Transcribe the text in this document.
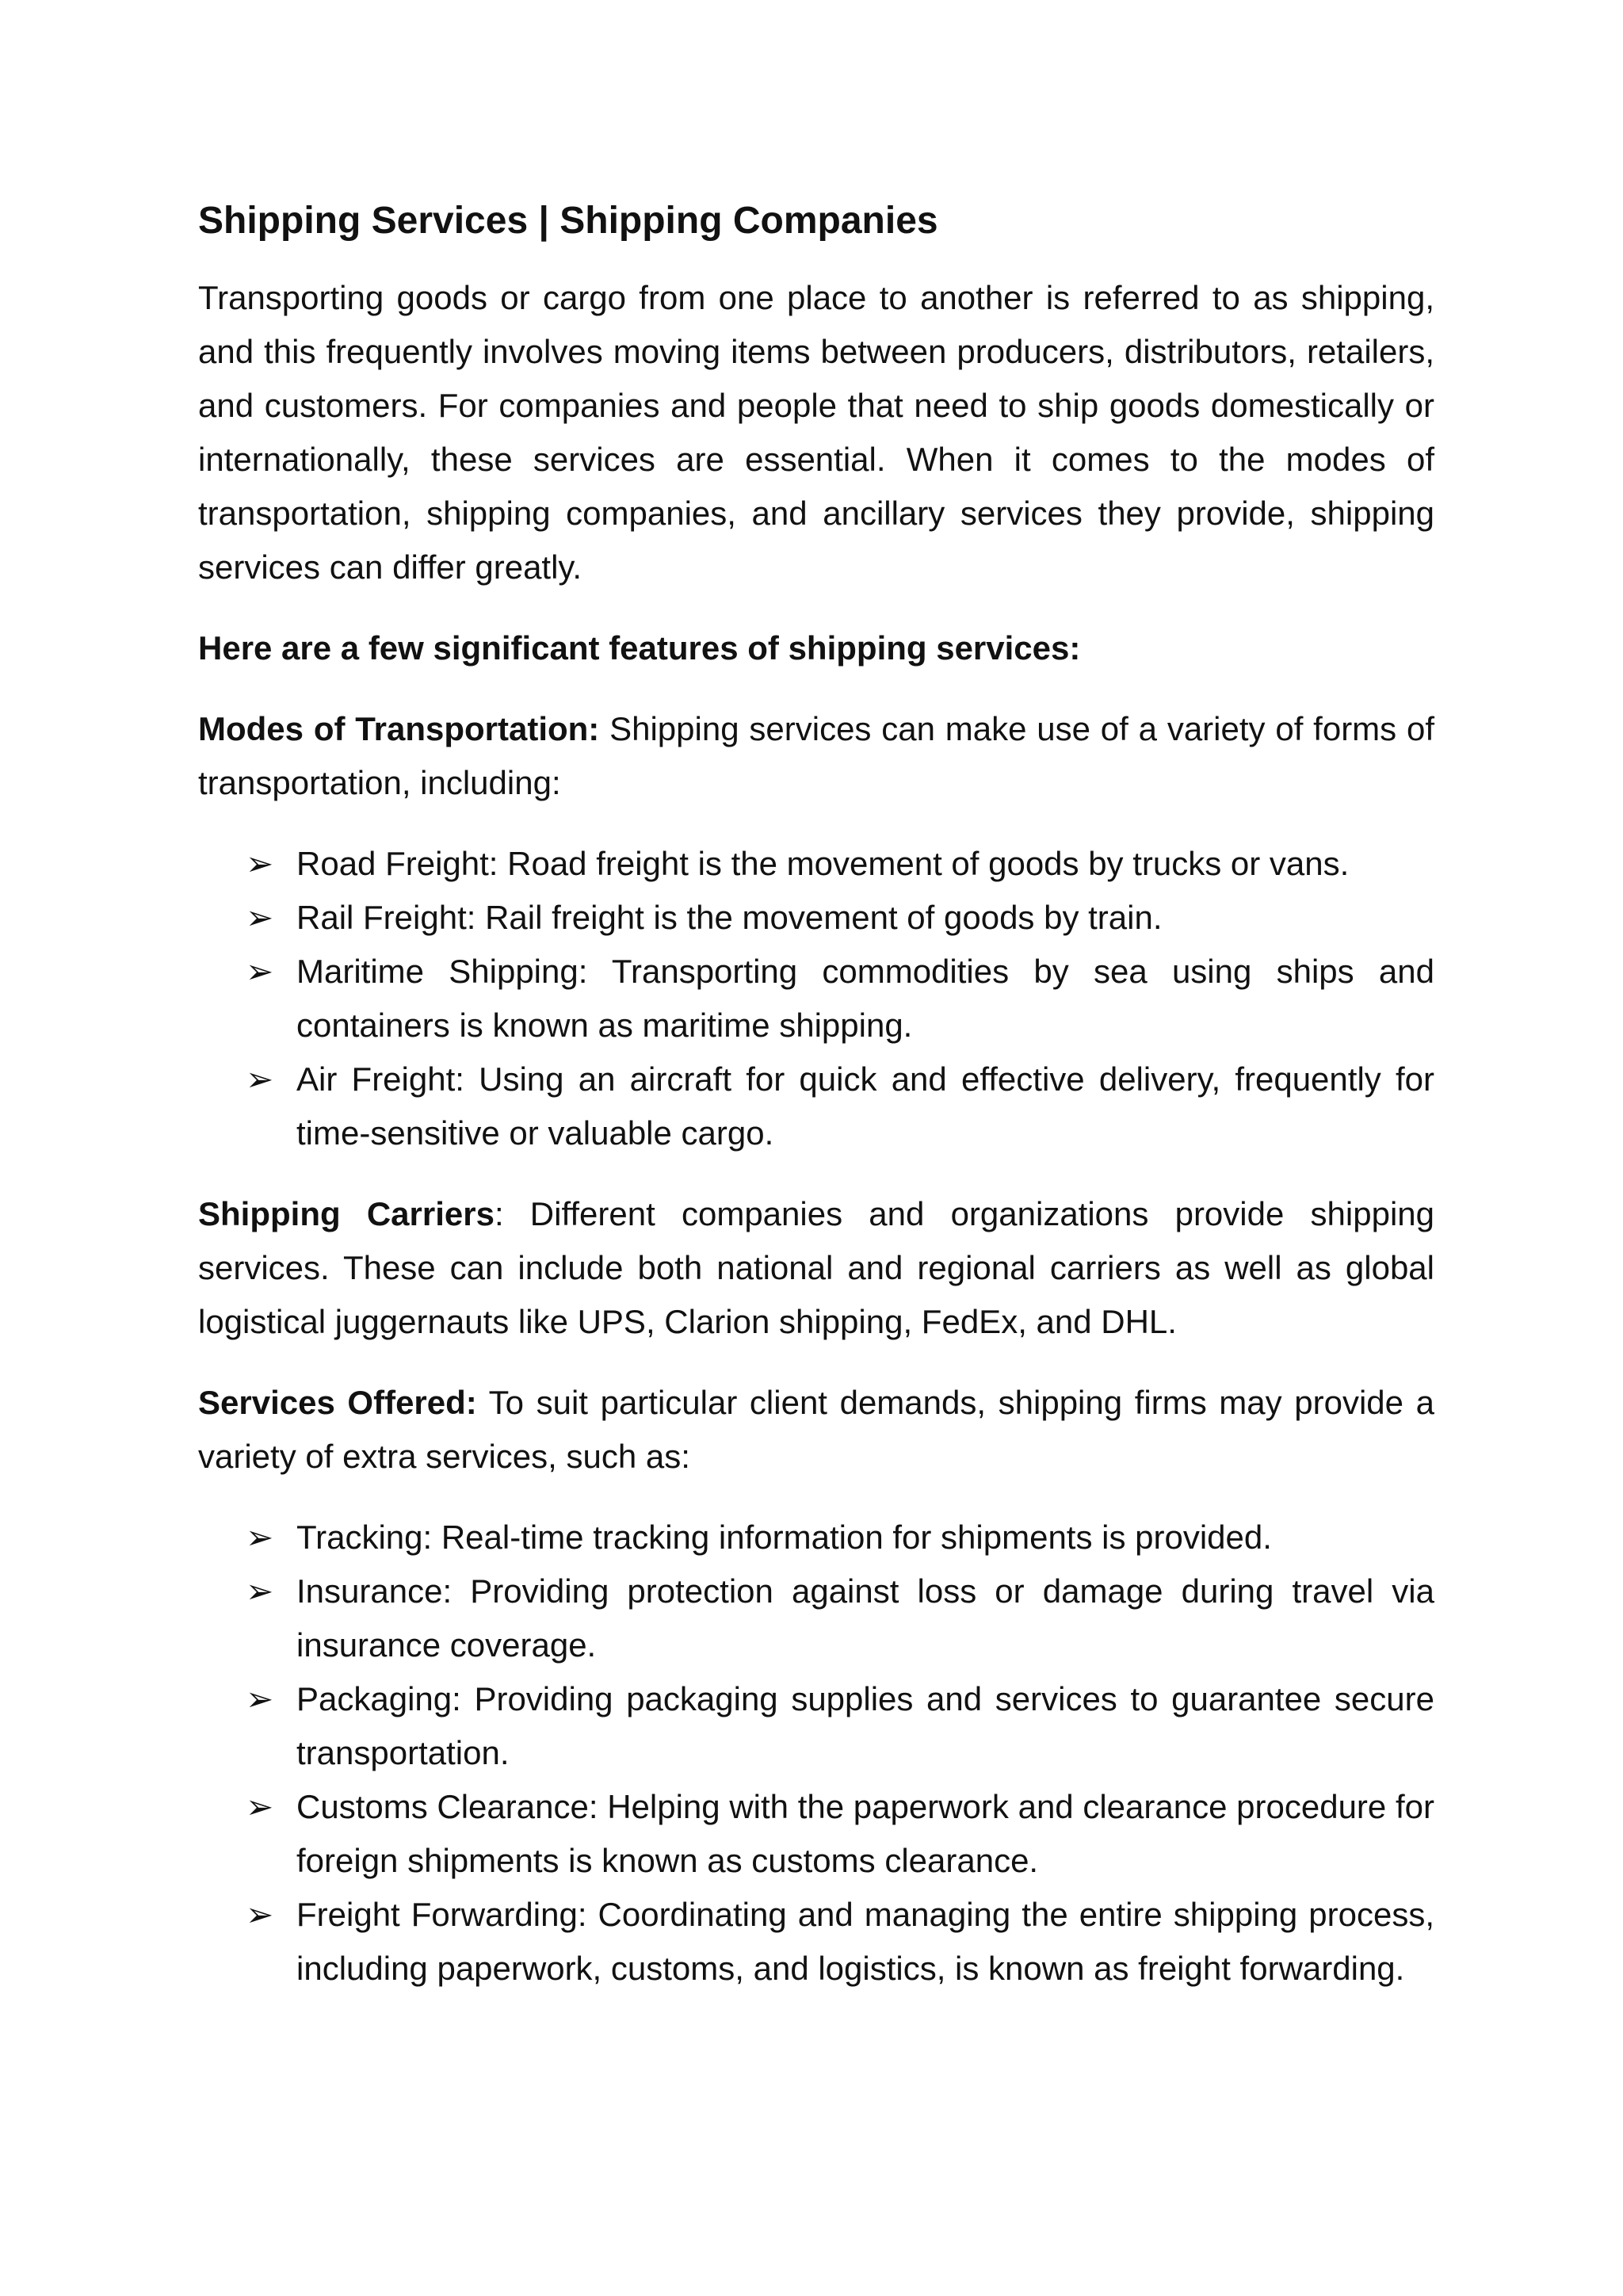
Shipping Services | Shipping Companies

Transporting goods or cargo from one place to another is referred to as shipping, and this frequently involves moving items between producers, distributors, retailers, and customers. For companies and people that need to ship goods domestically or internationally, these services are essential. When it comes to the modes of transportation, shipping companies, and ancillary services they provide, shipping services can differ greatly.

Here are a few significant features of shipping services:

Modes of Transportation: Shipping services can make use of a variety of forms of transportation, including:

➢ Road Freight: Road freight is the movement of goods by trucks or vans.
➢ Rail Freight: Rail freight is the movement of goods by train.
➢ Maritime Shipping: Transporting commodities by sea using ships and containers is known as maritime shipping.
➢ Air Freight: Using an aircraft for quick and effective delivery, frequently for time-sensitive or valuable cargo.

Shipping Carriers: Different companies and organizations provide shipping services. These can include both national and regional carriers as well as global logistical juggernauts like UPS, Clarion shipping, FedEx, and DHL.

Services Offered: To suit particular client demands, shipping firms may provide a variety of extra services, such as:

➢ Tracking: Real-time tracking information for shipments is provided.
➢ Insurance: Providing protection against loss or damage during travel via insurance coverage.
➢ Packaging: Providing packaging supplies and services to guarantee secure transportation.
➢ Customs Clearance: Helping with the paperwork and clearance procedure for foreign shipments is known as customs clearance.
➢ Freight Forwarding: Coordinating and managing the entire shipping process, including paperwork, customs, and logistics, is known as freight forwarding.
